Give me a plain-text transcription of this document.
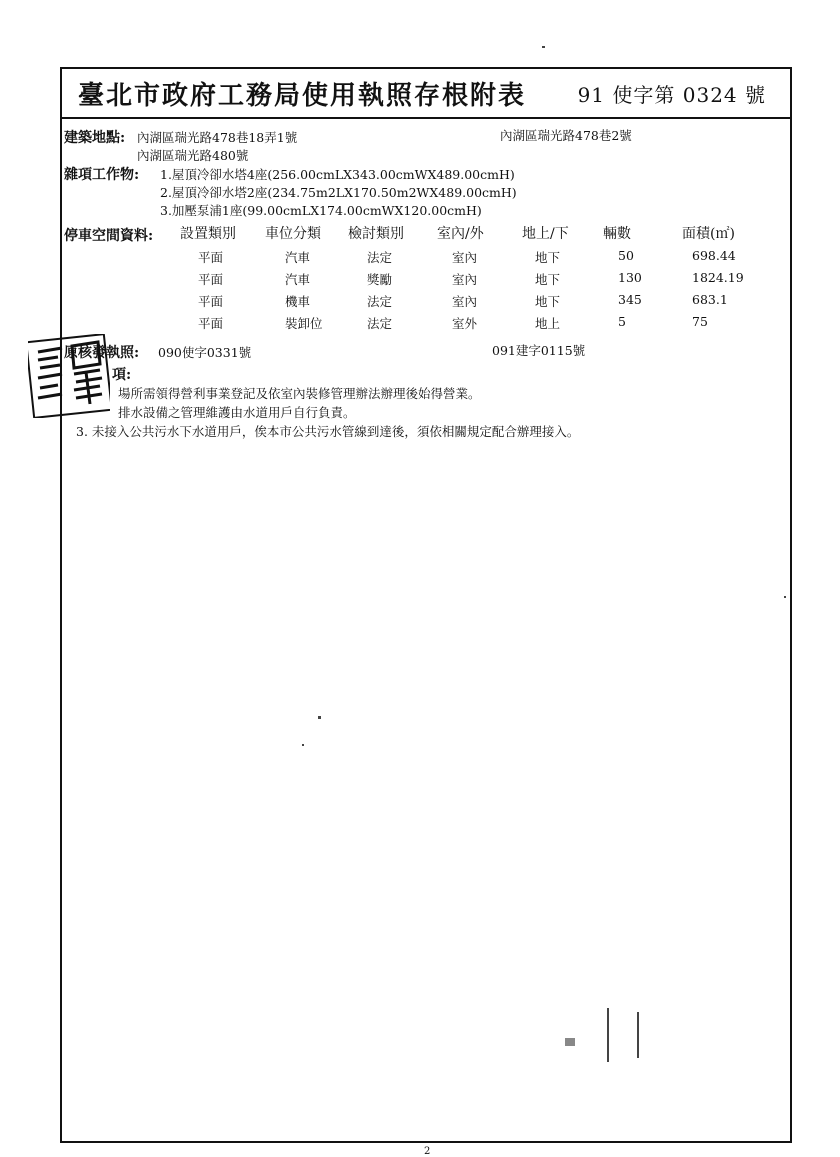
臺北市政府工務局使用執照存根附表	91 使字第 0324 號
建築地點: 內湖區瑞光路478巷18弄1號	內湖區瑞光路478巷2號
內湖區瑞光路480號
雜項工作物: 1.屋頂冷卻水塔4座(256.00cmLX343.00cmWX489.00cmH)
2.屋頂冷卻水塔2座(234.75m2LX170.50m2WX489.00cmH)
3.加壓泵浦1座(99.00cmLX174.00cmWX120.00cmH)
停車空間資料: 設置類別 車位分類 檢討類別 室內/外	地上/下 輛數	面積(㎡)
平面	汽車	法定	室內	地下	50	698.44
平面	汽車	獎勵	室內	地下	130	1824.19
平面	機車	法定	室內	地下	345	683.1
平面	裝卸位	法定	室外	地上	5	75
原核發執照: 090使字0331號	091建字0115號
項:
場所需領得營利事業登記及依室內裝修管理辦法辦理後始得營業。
排水設備之管理維護由水道用戶自行負責。
3. 未接入公共污水下水道用戶，俟本市公共污水管線到達後，須依相關規定配合辦理接入。
2
